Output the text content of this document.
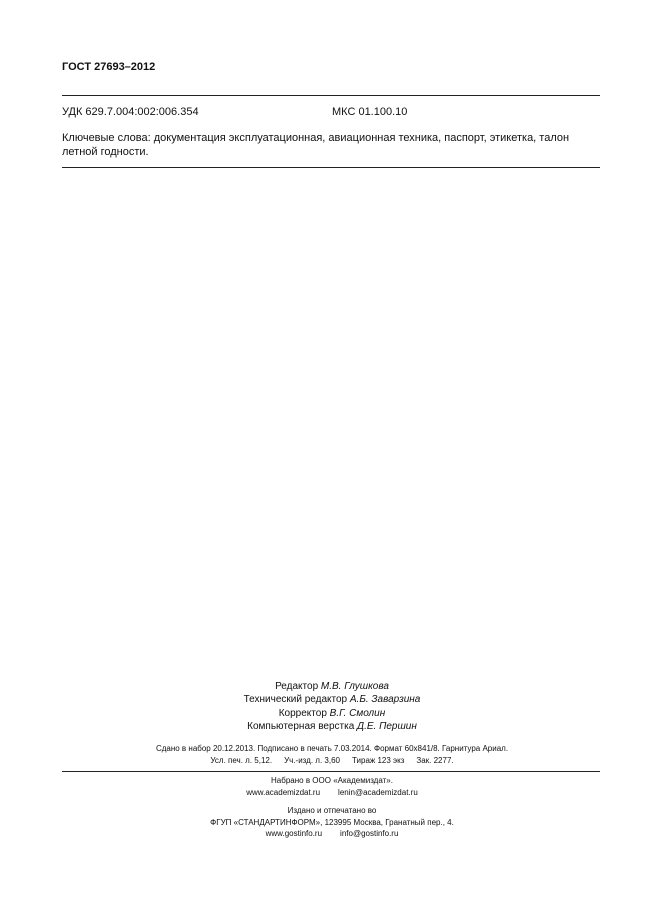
ГОСТ 27693–2012
УДК 629.7.004:002:006.354	МКС 01.100.10
Ключевые слова: документация эксплуатационная, авиационная техника, паспорт, этикетка, талон
летной годности.
Редактор М.В. Глушкова
Технический редактор А.Б. Заварзина
Корректор В.Г. Смолин
Компьютерная верстка Д.Е. Першин
Сдано в набор 20.12.2013. Подписано в печать 7.03.2014. Формат 60х841/8. Гарнитура Ариал.
Усл. печ. л. 5,12. Уч.-изд. л. 3,60 Тираж 123 экз Зак. 2277.
Набрано в ООО «Академиздат».
www.academizdat.ru lenin@academizdat.ru
Издано и отпечатано во
ФГУП «СТАНДАРТИНФОРМ», 123995 Москва, Гранатный пер., 4.
www.gostinfo.ru info@gostinfo.ru
